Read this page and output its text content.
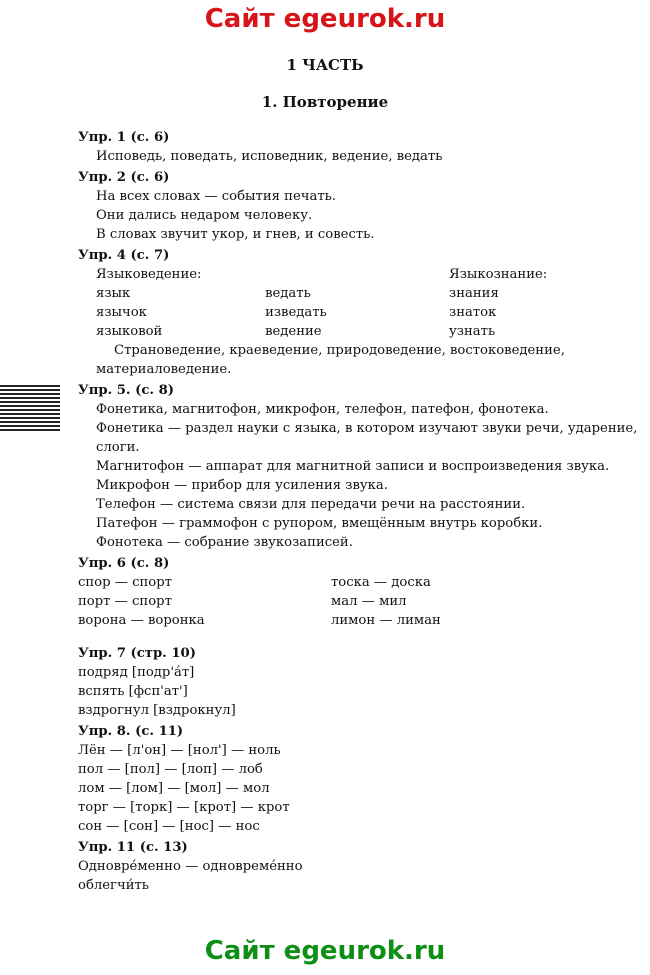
Сайт egeurok.ru
1 ЧАСТЬ
1. Повторение
Упр. 1 (с. 6)
Исповедь, поведать, исповедник, ведение, ведать
Упр. 2 (с. 6)
На всех словах — события печать.
Они дались недаром человеку.
В словах звучит укор, и гнев, и совесть.
Упр. 4 (с. 7)
Языковедение:
язык
язычок
языковой

ведать
изведать
ведение
Языкознание:
знания
знаток
узнать
Страноведение, краеведение, природоведение, востоковедение, материаловедение.
Упр. 5. (с. 8)
Фонетика, магнитофон, микрофон, телефон, патефон, фонотека.
Фонетика — раздел науки с языка, в котором изучают звуки речи, ударение, слоги.
Магнитофон — аппарат для магнитной записи и воспроизведения звука.
Микрофон — прибор для усиления звука.
Телефон — система связи для передачи речи на расстоянии.
Патефон — граммофон с рупором, вмещённым внутрь коробки.
Фонотека — собрание звукозаписей.
Упр. 6 (с. 8)
спор — спорт
порт — спорт
ворона — воронка
тоска — доска
мал — мил
лимон — лиман
Упр. 7 (стр. 10)
подряд [подр'áт]
вспять [фсп'ат']
вздрогнул [вздрокнул]
Упр. 8. (с. 11)
Лён — [л'он] — [нол'] — ноль
пол — [пол] — [лоп] — лоб
лом — [лом] — [мол] — мол
торг — [торк] — [крот] — крот
сон — [сон] — [нос] — нос
Упр. 11 (с. 13)
Одновре́менно — одновреме́нно
облегчи́ть
Сайт egeurok.ru
